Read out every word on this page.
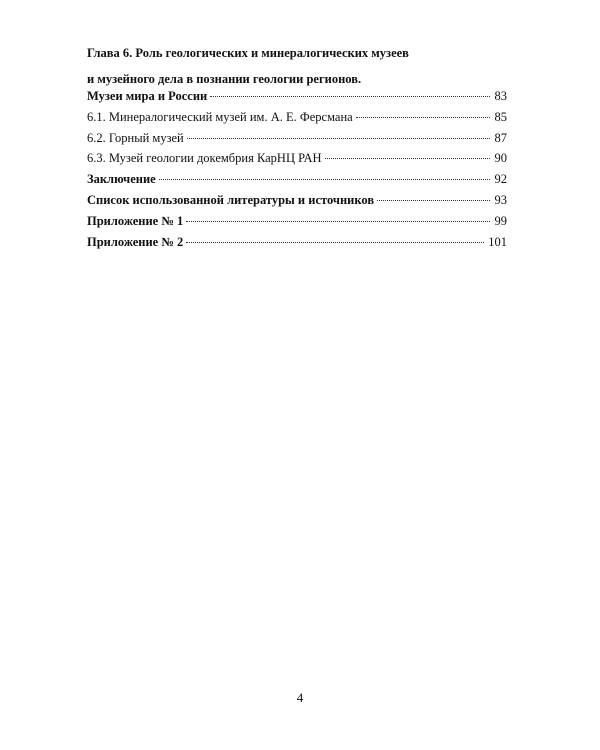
Глава 6. Роль геологических и минералогических музеев
и музейного дела в познании геологии регионов.
Музеи мира и России	83
6.1. Минералогический музей им. А. Е. Ферсмана	85
6.2. Горный музей	87
6.3. Музей геологии докембрия КарНЦ РАН	90
Заключение	92
Список использованной литературы и источников	93
Приложение № 1	99
Приложение № 2	101
4
